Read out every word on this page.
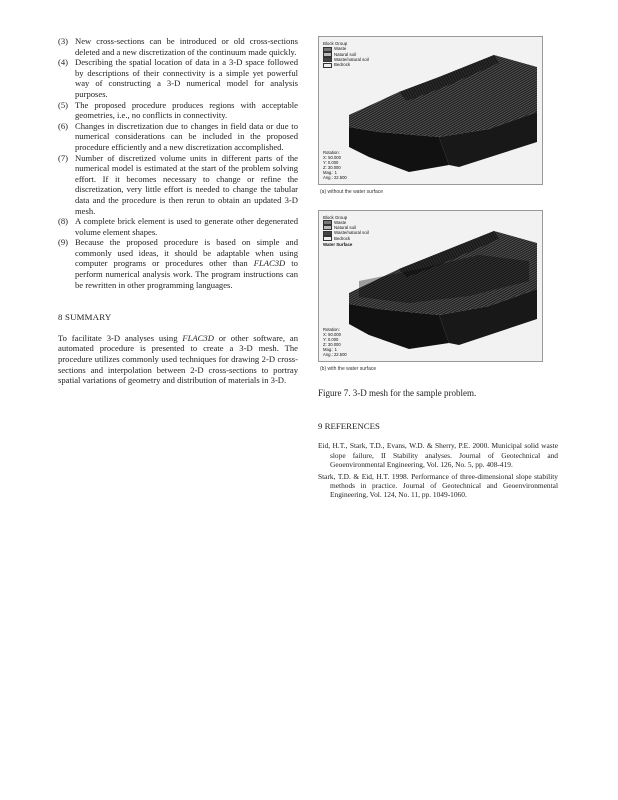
(3) New cross-sections can be introduced or old cross-sections deleted and a new discretization of the continuum made quickly.
(4) Describing the spatial location of data in a 3-D space followed by descriptions of their connectivity is a simple yet powerful way of constructing a 3-D numerical model for analysis purposes.
(5) The proposed procedure produces regions with acceptable geometries, i.e., no conflicts in connectivity.
(6) Changes in discretization due to changes in field data or due to numerical considerations can be included in the proposed procedure efficiently and a new discretization accomplished.
(7) Number of discretized volume units in different parts of the numerical model is estimated at the start of the problem solving effort. If it becomes necessary to change or refine the discretization, very little effort is needed to change the tabular data and the procedure is then rerun to obtain an updated 3-D mesh.
(8) A complete brick element is used to generate other degenerated volume element shapes.
(9) Because the proposed procedure is based on simple and commonly used ideas, it should be adaptable when using computer programs or procedures other than FLAC3D to perform numerical analysis work. The program instructions can be rewritten in other programming languages.
8 SUMMARY
To facilitate 3-D analyses using FLAC3D or other software, an automated procedure is presented to create a 3-D mesh. The procedure utilizes commonly used techniques for drawing 2-D cross-sections and interpolation between 2-D cross-sections to portray spatial variations of geometry and distribution of materials in 3-D.
Block Group
Waste
Natural soil
Waste/natural soil
Bedrock
Rotation:
X: 50.000
Y: 0.000
Z: 30.000
Mag.: 1
Ang.: 22.500
(a) without the water surface
Block Group
Waste
Natural soil
Waste/natural soil
Bedrock
Water Surface
Rotation:
X: 50.000
Y: 0.000
Z: 30.000
Mag.: 1
Ang.: 22.500
(b) with the water surface
Figure 7. 3-D mesh for the sample problem.
9 REFERENCES
Eid, H.T., Stark, T.D., Evans, W.D. & Sherry, P.E. 2000. Municipal solid waste slope failure, II Stability analyses. Journal of Geotechnical and Geoenvironmental Engineering, Vol. 126, No. 5, pp. 408-419.
Stark, T.D. & Eid, H.T. 1998. Performance of three-dimensional slope stability methods in practice. Journal of Geotechnical and Geoenvironmental Engineering, Vol. 124, No. 11, pp. 1049-1060.
